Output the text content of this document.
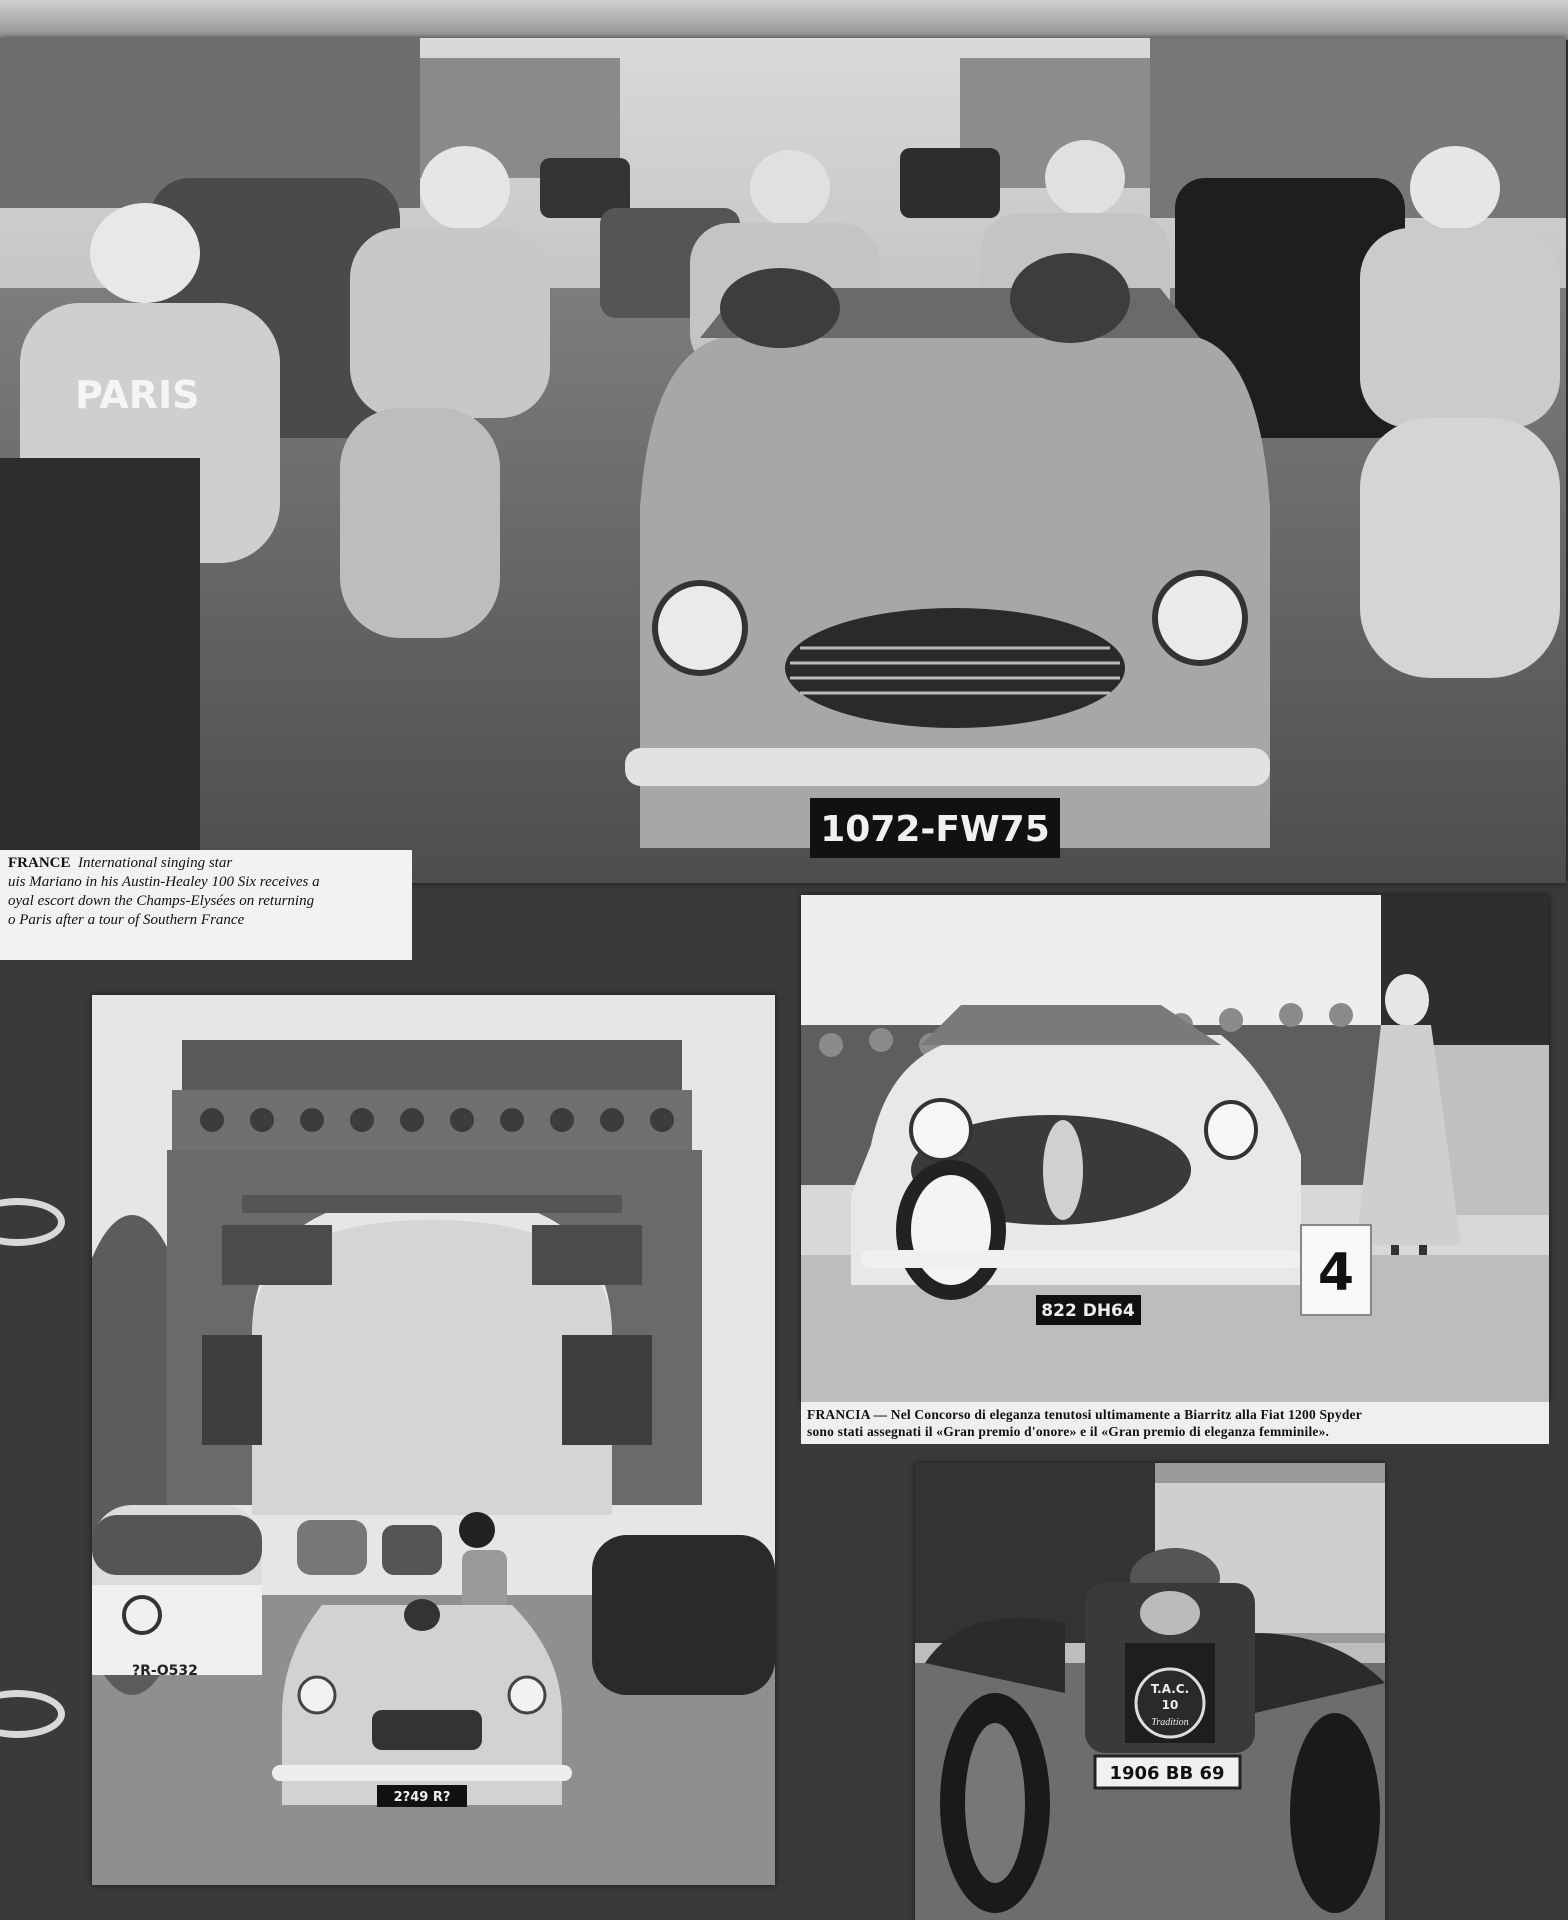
PARIS
1072-FW75
FRANCE International singing star
uis Mariano in his Austin-Healey 100 Six receives a
oyal escort down the Champs-Elysées on returning
o Paris after a tour of Southern France
?R-O532
2?49 R?
822 DH64
4
FRANCIA — Nel Concorso di eleganza tenutosi ultimamente a Biarritz alla Fiat 1200 Spyder
sono stati assegnati il «Gran premio d'onore» e il «Gran premio di eleganza femminile».
T.A.C.
10
Tradition
1906 BB 69
